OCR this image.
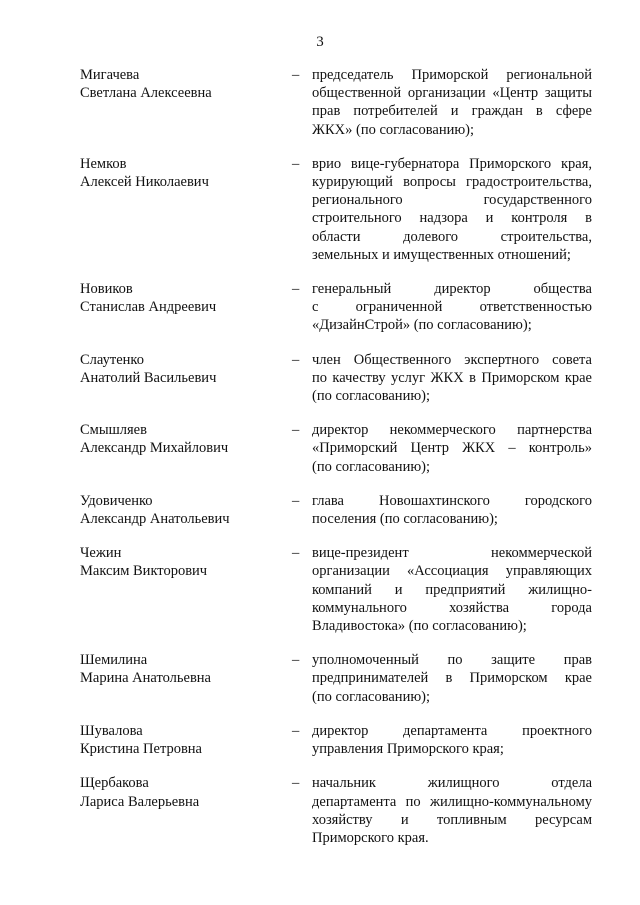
3
Мигачева
Светлана Алексеевна
– председатель Приморской региональной
общественной организации «Центр защиты
прав потребителей и граждан в сфере
ЖКХ» (по согласованию);
Немков
Алексей Николаевич
– врио вице-губернатора Приморского края,
курирующий вопросы градостроительства,
регионального государственного
строительного надзора и контроля в
области долевого строительства,
земельных и имущественных отношений;
Новиков
Станислав Андреевич
– генеральный директор общества
с ограниченной ответственностью
«ДизайнСтрой» (по согласованию);
Слаутенко
Анатолий Васильевич
– член Общественного экспертного совета
по качеству услуг ЖКХ в Приморском крае
(по согласованию);
Смышляев
Александр Михайлович
– директор некоммерческого партнерства
«Приморский Центр ЖКХ – контроль»
(по согласованию);
Удовиченко
Александр Анатольевич
– глава Новошахтинского городского
поселения (по согласованию);
Чежин
Максим Викторович
– вице-президент некоммерческой
организации «Ассоциация управляющих
компаний и предприятий жилищно-
коммунального хозяйства города
Владивостока» (по согласованию);
Шемилина
Марина Анатольевна
– уполномоченный по защите прав
предпринимателей в Приморском крае
(по согласованию);
Шувалова
Кристина Петровна
– директор департамента проектного
управления Приморского края;
Щербакова
Лариса Валерьевна
– начальник жилищного отдела
департамента по жилищно-коммунальному
хозяйству и топливным ресурсам
Приморского края.
